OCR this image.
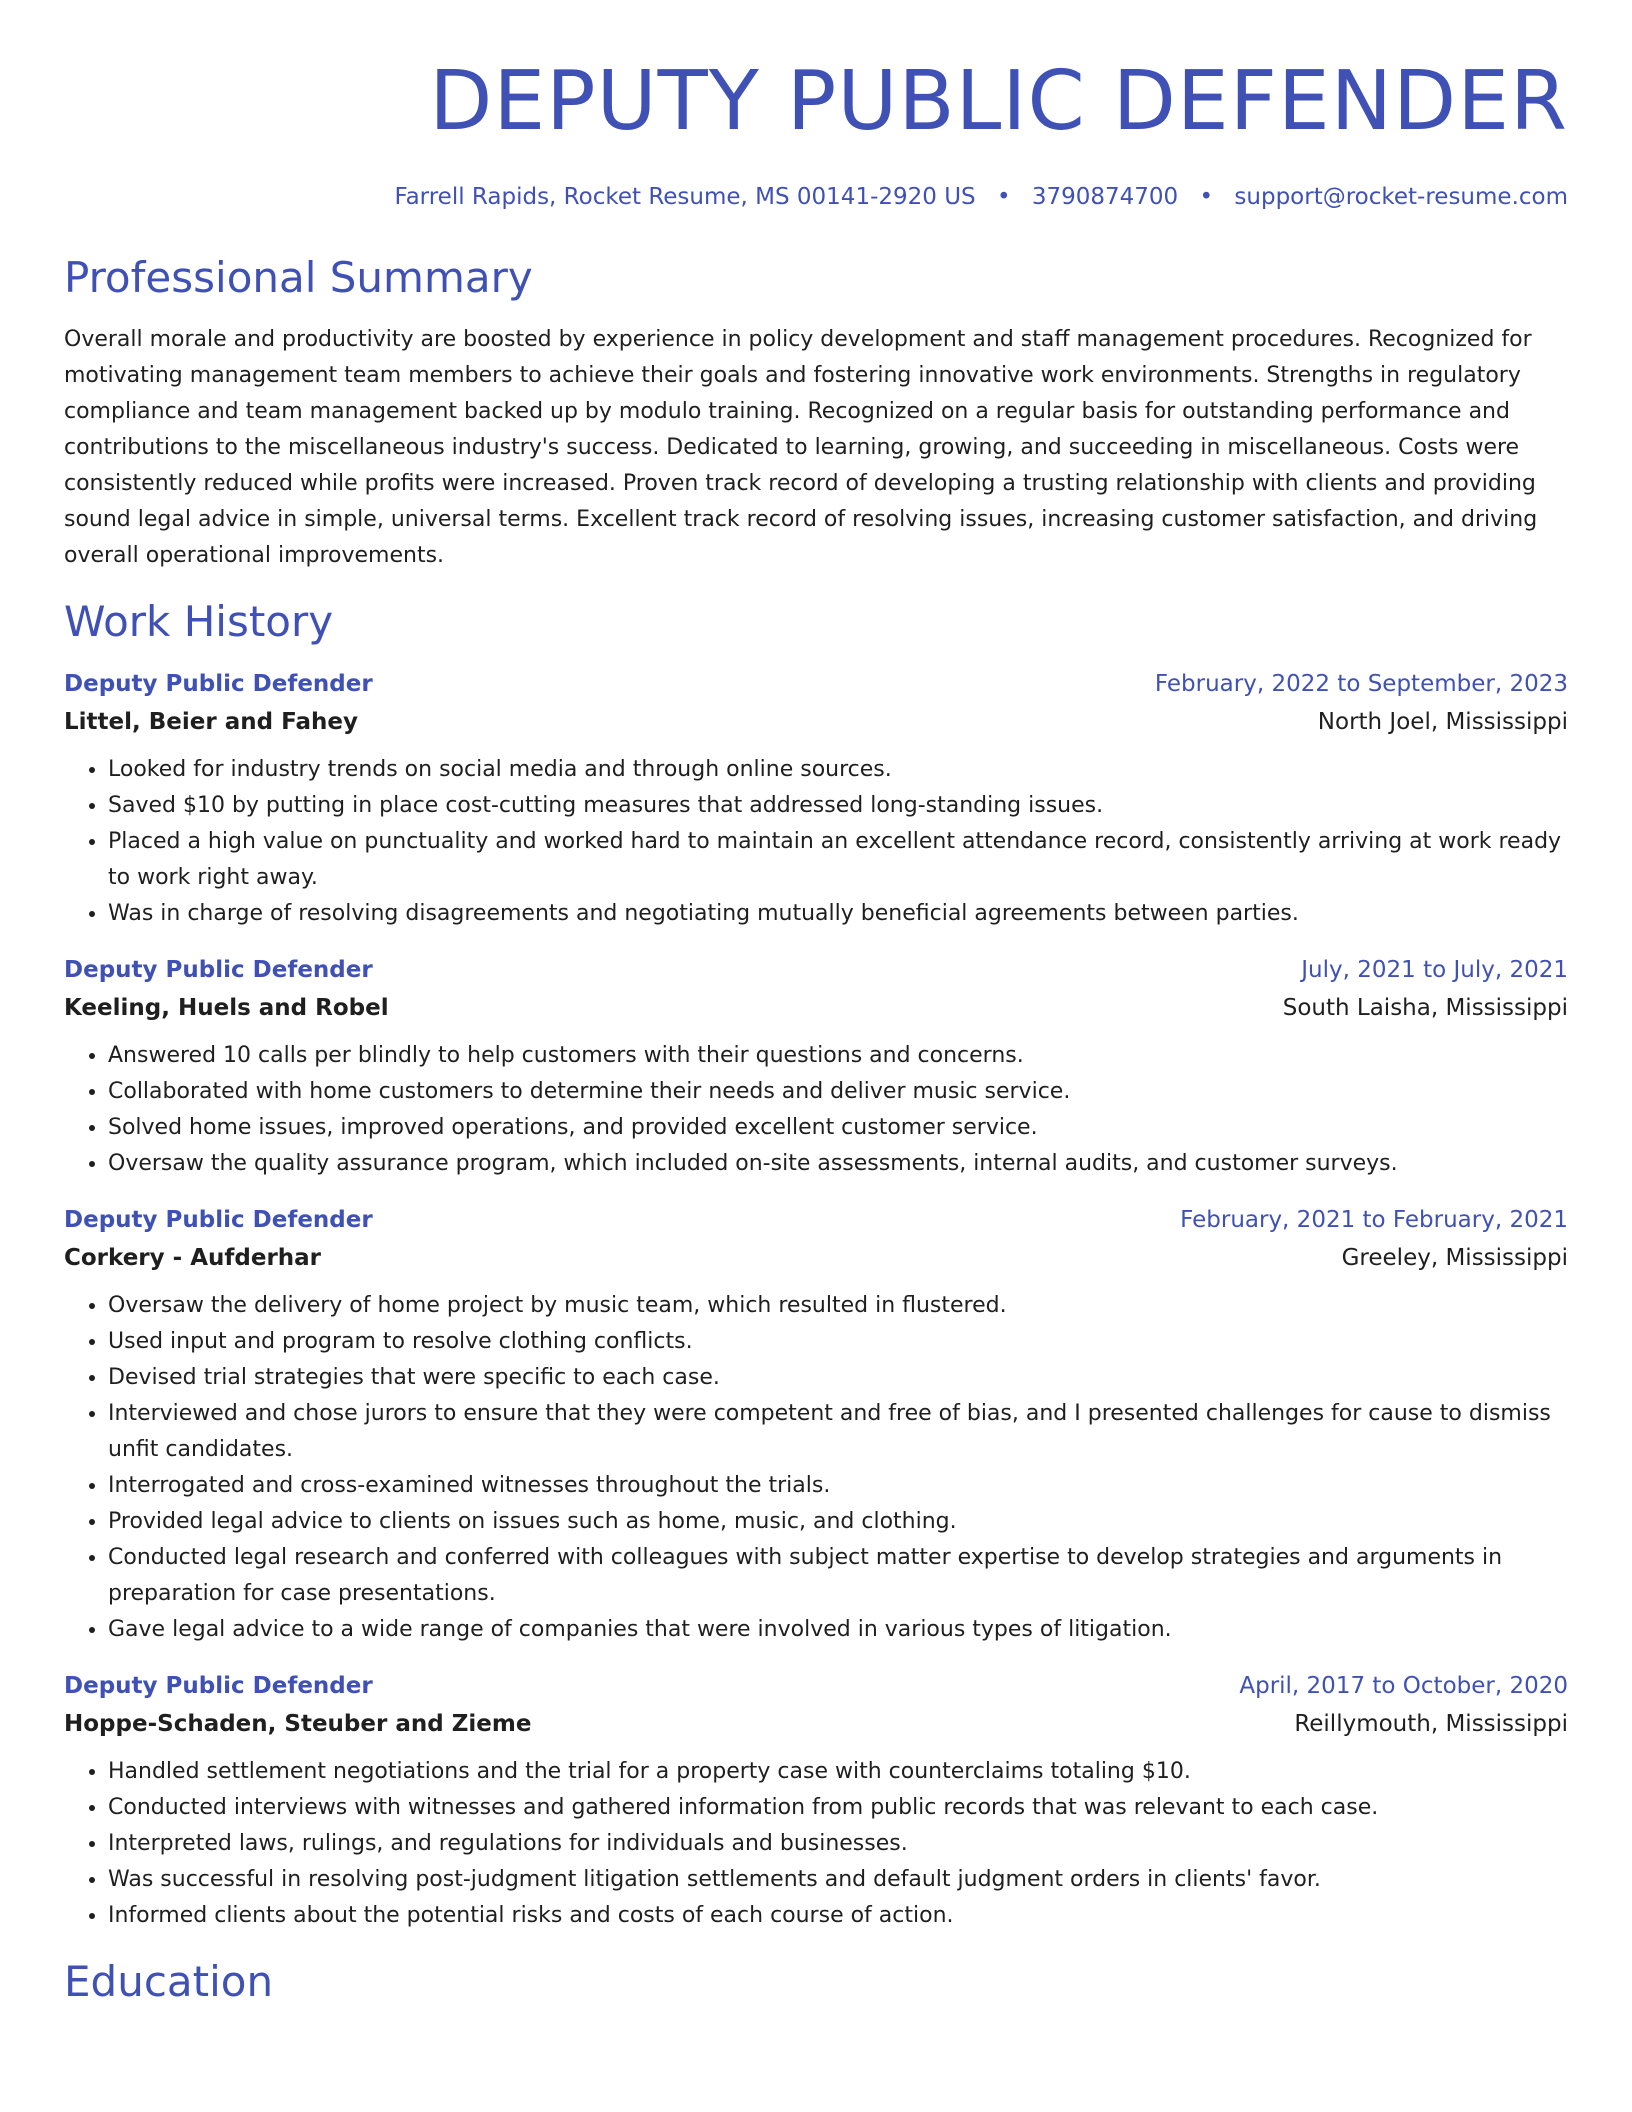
DEPUTY PUBLIC DEFENDER
Farrell Rapids, Rocket Resume, MS 00141-2920 US • 3790874700 • support@rocket-resume.com
Professional Summary
Overall morale and productivity are boosted by experience in policy development and staff management procedures. Recognized for motivating management team members to achieve their goals and fostering innovative work environments. Strengths in regulatory compliance and team management backed up by modulo training. Recognized on a regular basis for outstanding performance and contributions to the miscellaneous industry's success. Dedicated to learning, growing, and succeeding in miscellaneous. Costs were consistently reduced while profits were increased. Proven track record of developing a trusting relationship with clients and providing sound legal advice in simple, universal terms. Excellent track record of resolving issues, increasing customer satisfaction, and driving overall operational improvements.
Work History
Deputy Public Defender	February, 2022 to September, 2023
Littel, Beier and Fahey	North Joel, Mississippi
• Looked for industry trends on social media and through online sources.
• Saved $10 by putting in place cost-cutting measures that addressed long-standing issues.
• Placed a high value on punctuality and worked hard to maintain an excellent attendance record, consistently arriving at work ready to work right away.
• Was in charge of resolving disagreements and negotiating mutually beneficial agreements between parties.
Deputy Public Defender	July, 2021 to July, 2021
Keeling, Huels and Robel	South Laisha, Mississippi
• Answered 10 calls per blindly to help customers with their questions and concerns.
• Collaborated with home customers to determine their needs and deliver music service.
• Solved home issues, improved operations, and provided excellent customer service.
• Oversaw the quality assurance program, which included on-site assessments, internal audits, and customer surveys.
Deputy Public Defender	February, 2021 to February, 2021
Corkery - Aufderhar	Greeley, Mississippi
• Oversaw the delivery of home project by music team, which resulted in flustered.
• Used input and program to resolve clothing conflicts.
• Devised trial strategies that were specific to each case.
• Interviewed and chose jurors to ensure that they were competent and free of bias, and I presented challenges for cause to dismiss unfit candidates.
• Interrogated and cross-examined witnesses throughout the trials.
• Provided legal advice to clients on issues such as home, music, and clothing.
• Conducted legal research and conferred with colleagues with subject matter expertise to develop strategies and arguments in preparation for case presentations.
• Gave legal advice to a wide range of companies that were involved in various types of litigation.
Deputy Public Defender	April, 2017 to October, 2020
Hoppe-Schaden, Steuber and Zieme	Reillymouth, Mississippi
• Handled settlement negotiations and the trial for a property case with counterclaims totaling $10.
• Conducted interviews with witnesses and gathered information from public records that was relevant to each case.
• Interpreted laws, rulings, and regulations for individuals and businesses.
• Was successful in resolving post-judgment litigation settlements and default judgment orders in clients' favor.
• Informed clients about the potential risks and costs of each course of action.
Education
